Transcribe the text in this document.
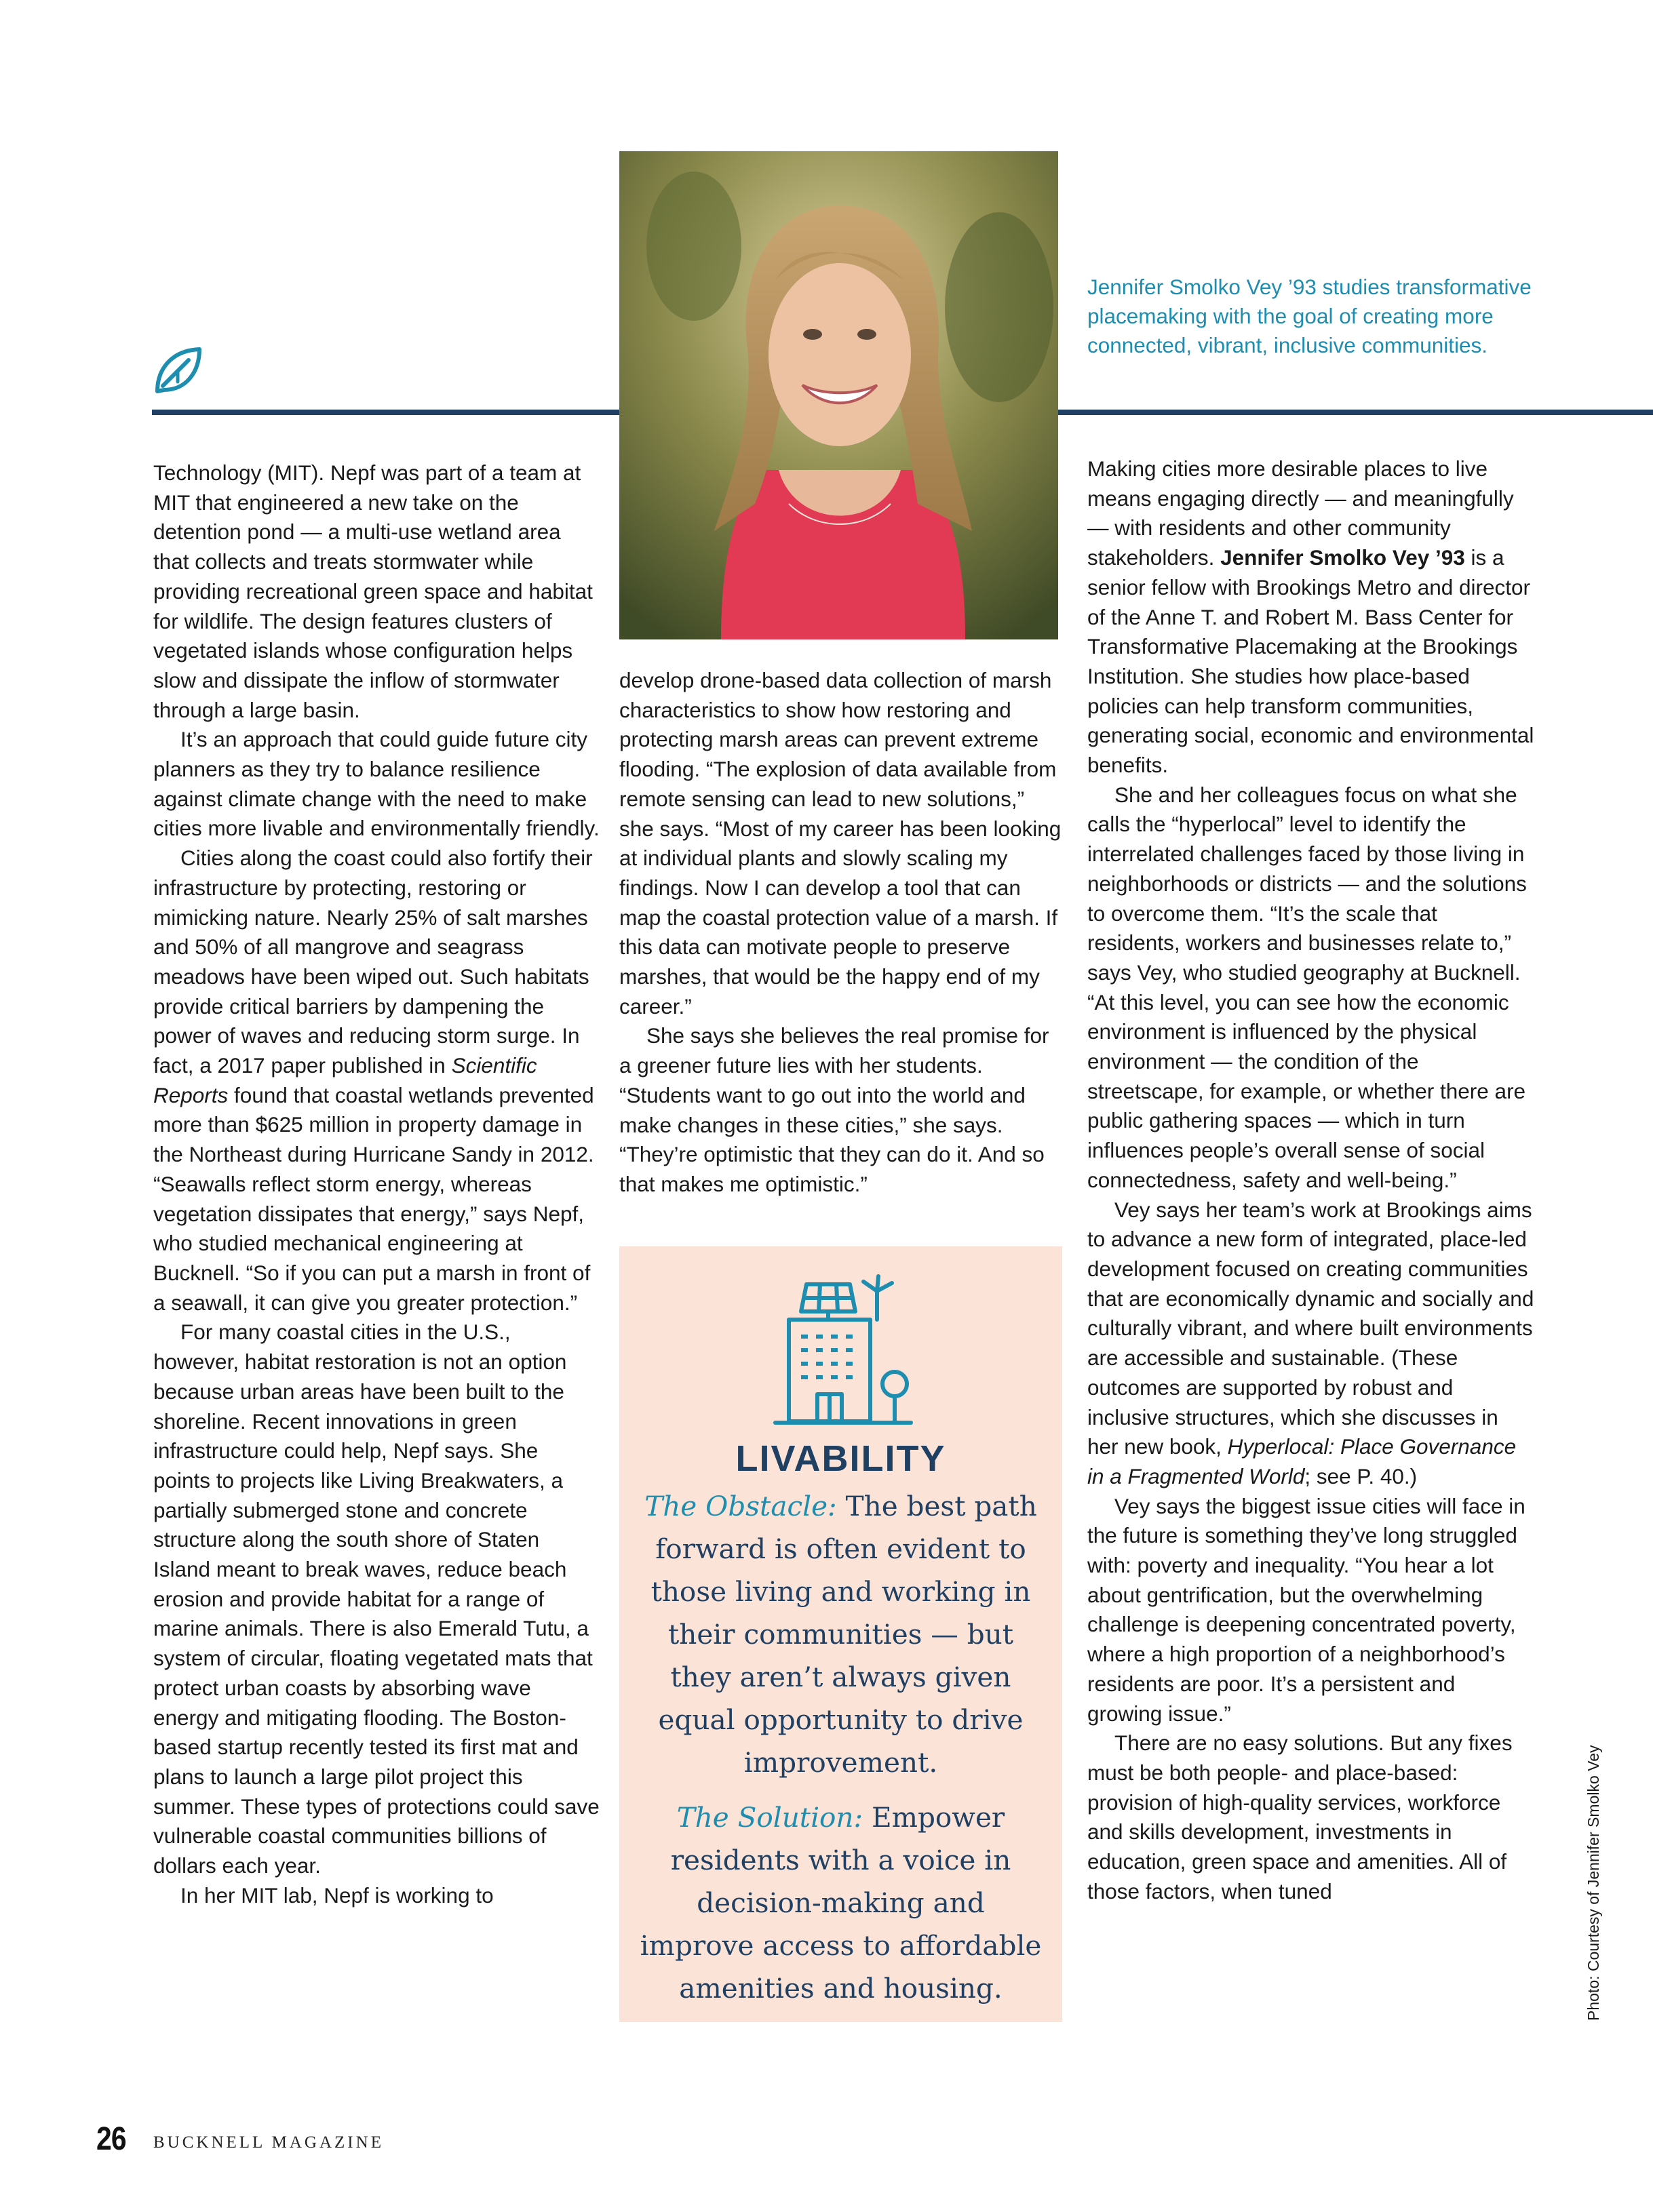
Jennifer Smolko Vey ’93 studies transformative placemaking with the goal of creating more connected, vibrant, inclusive communities.

Technology (MIT). Nepf was part of a team at MIT that engineered a new take on the detention pond — a multi-use wetland area that collects and treats stormwater while providing recreational green space and habitat for wildlife. The design features clusters of vegetated islands whose configuration helps slow and dissipate the inflow of stormwater through a large basin.

It’s an approach that could guide future city planners as they try to balance resilience against climate change with the need to make cities more livable and environmentally friendly.

Cities along the coast could also fortify their infrastructure by protecting, restoring or mimicking nature. Nearly 25% of salt marshes and 50% of all mangrove and seagrass meadows have been wiped out. Such habitats provide critical barriers by dampening the power of waves and reducing storm surge. In fact, a 2017 paper published in Scientific Reports found that coastal wetlands prevented more than $625 million in property damage in the Northeast during Hurricane Sandy in 2012. “Seawalls reflect storm energy, whereas vegetation dissipates that energy,” says Nepf, who studied mechanical engineering at Bucknell. “So if you can put a marsh in front of a seawall, it can give you greater protection.”

For many coastal cities in the U.S., however, habitat restoration is not an option because urban areas have been built to the shoreline. Recent innovations in green infrastructure could help, Nepf says. She points to projects like Living Breakwaters, a partially submerged stone and concrete structure along the south shore of Staten Island meant to break waves, reduce beach erosion and provide habitat for a range of marine animals. There is also Emerald Tutu, a system of circular, floating vegetated mats that protect urban coasts by absorbing wave energy and mitigating flooding. The Boston-based startup recently tested its first mat and plans to launch a large pilot project this summer. These types of protections could save vulnerable coastal communities billions of dollars each year.

In her MIT lab, Nepf is working to

develop drone-based data collection of marsh characteristics to show how restoring and protecting marsh areas can prevent extreme flooding. “The explosion of data available from remote sensing can lead to new solutions,” she says. “Most of my career has been looking at individual plants and slowly scaling my findings. Now I can develop a tool that can map the coastal protection value of a marsh. If this data can motivate people to preserve marshes, that would be the happy end of my career.”

She says she believes the real promise for a greener future lies with her students. “Students want to go out into the world and make changes in these cities,” she says. “They’re optimistic that they can do it. And so that makes me optimistic.”

LIVABILITY

The Obstacle: The best path forward is often evident to those living and working in their communities — but they aren’t always given equal opportunity to drive improvement.

The Solution: Empower residents with a voice in decision-making and improve access to affordable amenities and housing.

Making cities more desirable places to live means engaging directly — and meaningfully — with residents and other community stakeholders. Jennifer Smolko Vey ’93 is a senior fellow with Brookings Metro and director of the Anne T. and Robert M. Bass Center for Transformative Placemaking at the Brookings Institution. She studies how place-based policies can help transform communities, generating social, economic and environmental benefits.

She and her colleagues focus on what she calls the “hyperlocal” level to identify the interrelated challenges faced by those living in neighborhoods or districts — and the solutions to overcome them. “It’s the scale that residents, workers and businesses relate to,” says Vey, who studied geography at Bucknell. “At this level, you can see how the economic environment is influenced by the physical environment — the condition of the streetscape, for example, or whether there are public gathering spaces — which in turn influences people’s overall sense of social connectedness, safety and well-being.”

Vey says her team’s work at Brookings aims to advance a new form of integrated, place-led development focused on creating communities that are economically dynamic and socially and culturally vibrant, and where built environments are accessible and sustainable. (These outcomes are supported by robust and inclusive structures, which she discusses in her new book, Hyperlocal: Place Governance in a Fragmented World; see P. 40.)

Vey says the biggest issue cities will face in the future is something they’ve long struggled with: poverty and inequality. “You hear a lot about gentrification, but the overwhelming challenge is deepening concentrated poverty, where a high proportion of a neighborhood’s residents are poor. It’s a persistent and growing issue.”

There are no easy solutions. But any fixes must be both people- and place-based: provision of high-quality services, workforce and skills development, investments in education, green space and amenities. All of those factors, when tuned	Photo: Courtesy of Jennifer Smolko Vey
26 BUCKNELL MAGAZINE
